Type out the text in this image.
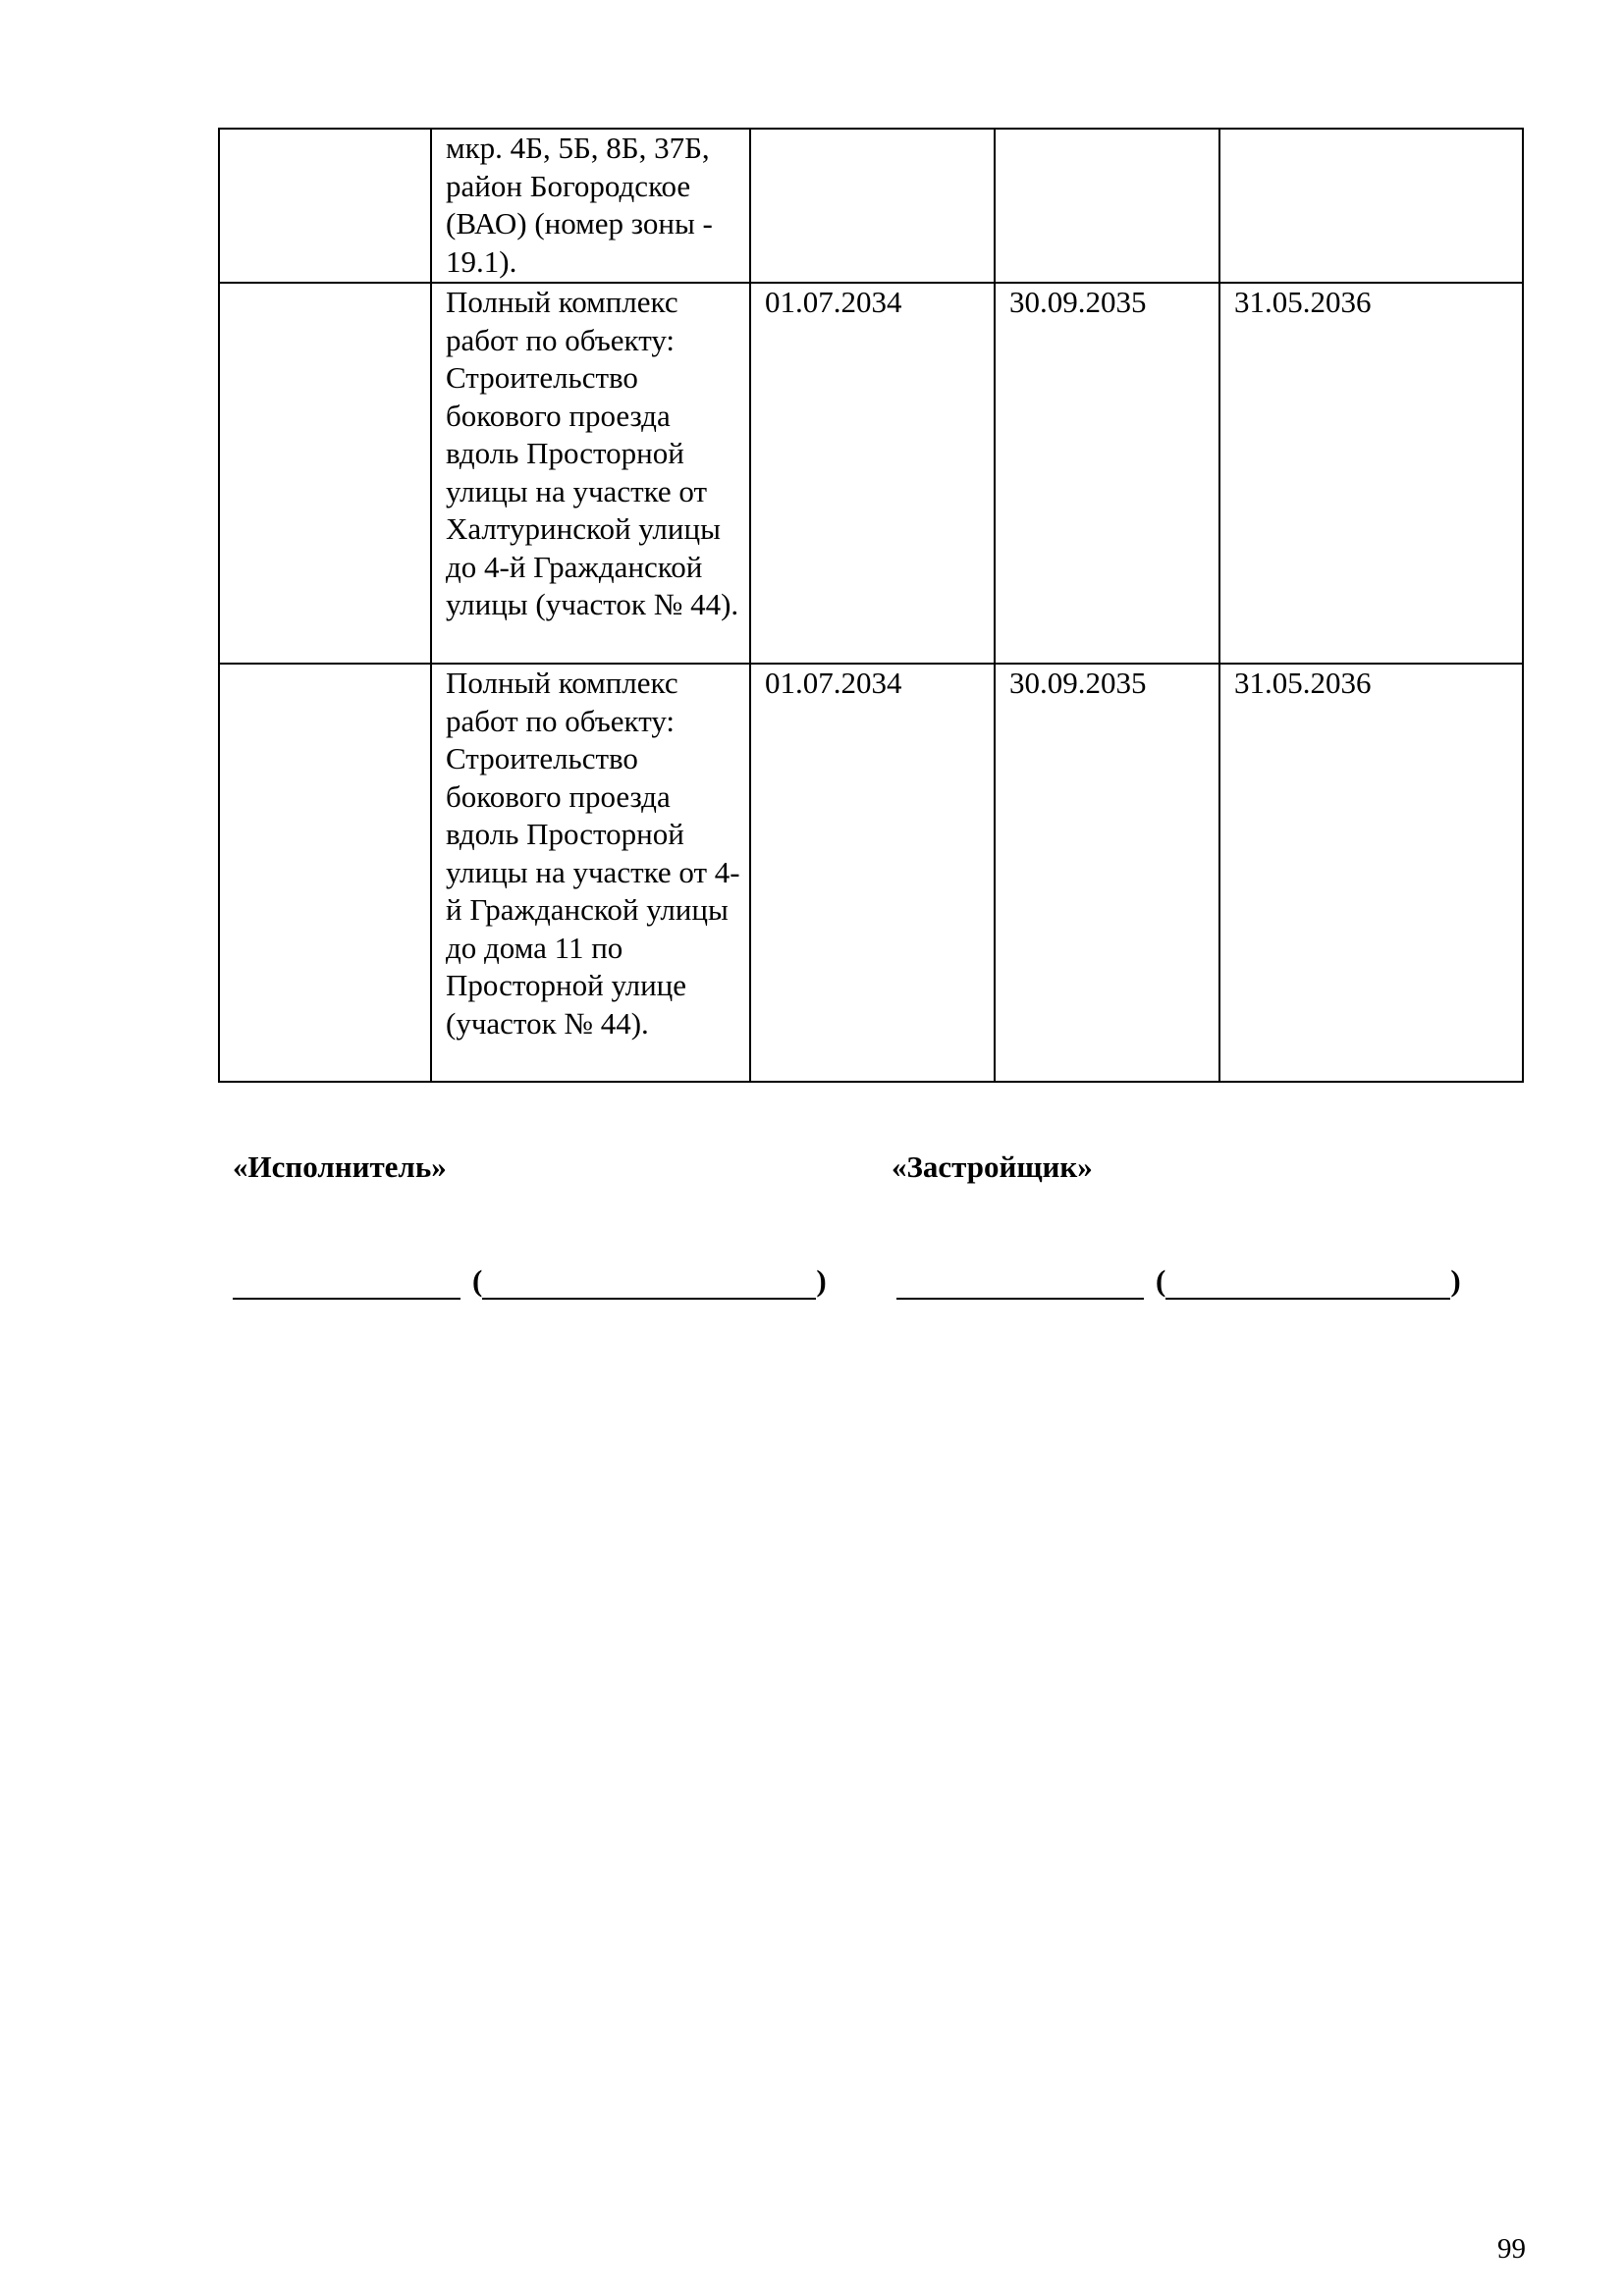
	мкр. 4Б, 5Б, 8Б, 37Б, район Богородское (ВАО) (номер зоны - 19.1).			
	Полный комплекс работ по объекту: Строительство бокового проезда вдоль Просторной улицы на участке от Халтуринской улицы до 4-й Гражданской улицы (участок № 44).	01.07.2034	30.09.2035	31.05.2036
	Полный комплекс работ по объекту: Строительство бокового проезда вдоль Просторной улицы на участке от 4-й Гражданской улицы до дома 11 по Просторной улице (участок № 44).	01.07.2034	30.09.2035	31.05.2036
«Исполнитель»	«Застройщик»
(	)	(	)
99
